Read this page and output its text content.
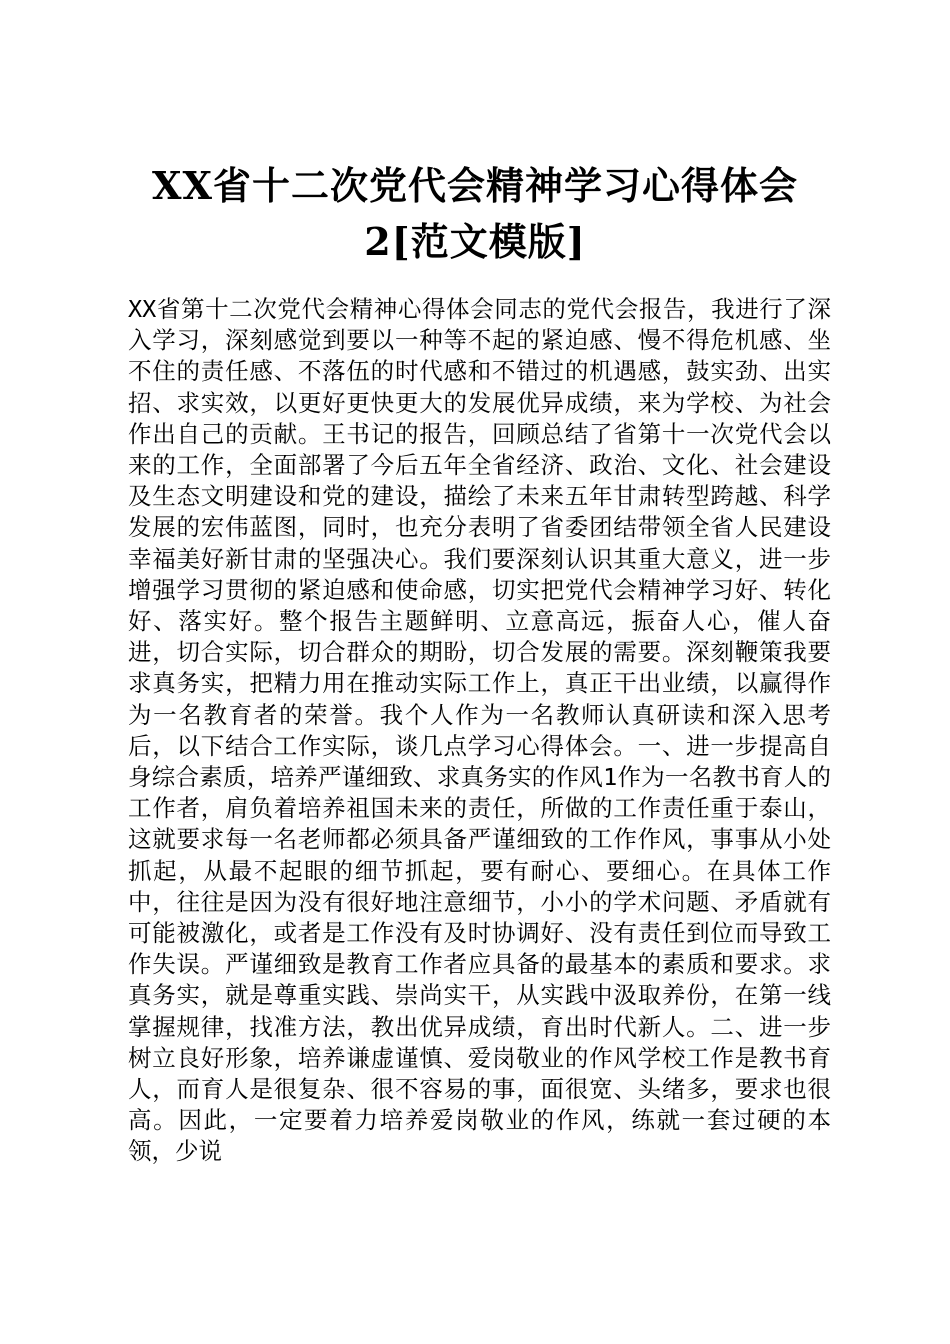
XX省十二次党代会精神学习心得体会2[范文模版]

XX省第十二次党代会精神心得体会同志的党代会报告，我进行了深入学习，深刻感觉到要以一种等不起的紧迫感、慢不得危机感、坐不住的责任感、不落伍的时代感和不错过的机遇感，鼓实劲、出实招、求实效，以更好更快更大的发展优异成绩，来为学校、为社会作出自己的贡献。王书记的报告，回顾总结了省第十一次党代会以来的工作，全面部署了今后五年全省经济、政治、文化、社会建设及生态文明建设和党的建设，描绘了未来五年甘肃转型跨越、科学发展的宏伟蓝图，同时，也充分表明了省委团结带领全省人民建设幸福美好新甘肃的坚强决心。我们要深刻认识其重大意义，进一步增强学习贯彻的紧迫感和使命感，切实把党代会精神学习好、转化好、落实好。整个报告主题鲜明、立意高远，振奋人心，催人奋进，切合实际，切合群众的期盼，切合发展的需要。深刻鞭策我要求真务实，把精力用在推动实际工作上，真正干出业绩，以赢得作为一名教育者的荣誉。我个人作为一名教师认真研读和深入思考后，以下结合工作实际，谈几点学习心得体会。一、进一步提高自身综合素质，培养严谨细致、求真务实的作风1作为一名教书育人的工作者，肩负着培养祖国未来的责任，所做的工作责任重于泰山，这就要求每一名老师都必须具备严谨细致的工作作风，事事从小处抓起，从最不起眼的细节抓起，要有耐心、要细心。在具体工作中，往往是因为没有很好地注意细节，小小的学术问题、矛盾就有可能被激化，或者是工作没有及时协调好、没有责任到位而导致工作失误。严谨细致是教育工作者应具备的最基本的素质和要求。求真务实，就是尊重实践、崇尚实干，从实践中汲取养份，在第一线掌握规律，找准方法，教出优异成绩，育出时代新人。二、进一步树立良好形象，培养谦虚谨慎、爱岗敬业的作风学校工作是教书育人，而育人是很复杂、很不容易的事，面很宽、头绪多，要求也很高。因此，一定要着力培养爱岗敬业的作风，练就一套过硬的本领，少说
